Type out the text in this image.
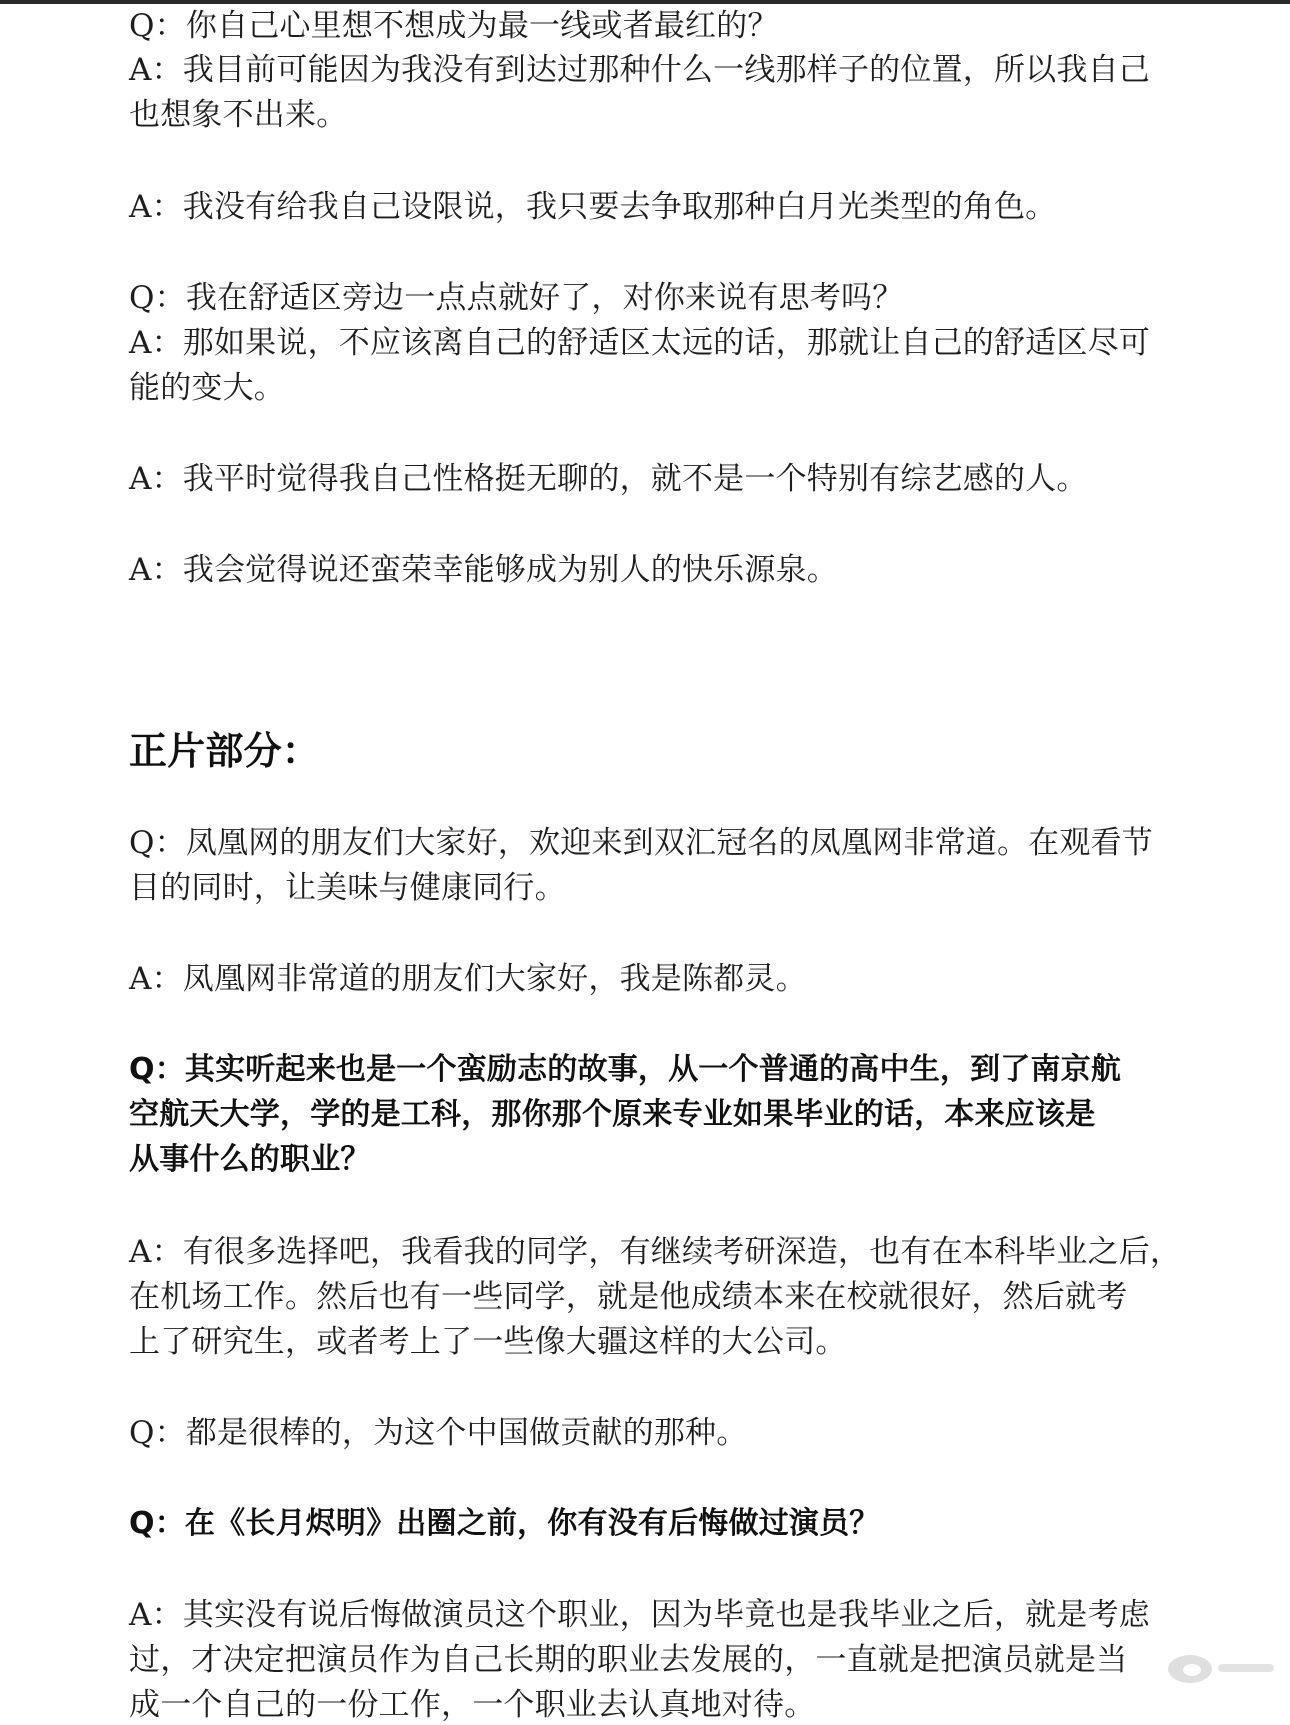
Q：你自己心里想不想成为最一线或者最红的？

A：我目前可能因为我没有到达过那种什么一线那样子的位置，所以我自己

也想象不出来。

A：我没有给我自己设限说，我只要去争取那种白月光类型的角色。

Q：我在舒适区旁边一点点就好了，对你来说有思考吗？

A：那如果说，不应该离自己的舒适区太远的话，那就让自己的舒适区尽可

能的变大。

A：我平时觉得我自己性格挺无聊的，就不是一个特别有综艺感的人。

A：我会觉得说还蛮荣幸能够成为别人的快乐源泉。

正片部分：

Q：凤凰网的朋友们大家好，欢迎来到双汇冠名的凤凰网非常道。在观看节

目的同时，让美味与健康同行。

A：凤凰网非常道的朋友们大家好，我是陈都灵。

Q：其实听起来也是一个蛮励志的故事，从一个普通的高中生，到了南京航

空航天大学，学的是工科，那你那个原来专业如果毕业的话，本来应该是

从事什么的职业？

A：有很多选择吧，我看我的同学，有继续考研深造，也有在本科毕业之后，

在机场工作。然后也有一些同学，就是他成绩本来在校就很好，然后就考

上了研究生，或者考上了一些像大疆这样的大公司。

Q：都是很棒的，为这个中国做贡献的那种。

Q：在《长月烬明》出圈之前，你有没有后悔做过演员？

A：其实没有说后悔做演员这个职业，因为毕竟也是我毕业之后，就是考虑

过，才决定把演员作为自己长期的职业去发展的，一直就是把演员就是当

成一个自己的一份工作，一个职业去认真地对待。
